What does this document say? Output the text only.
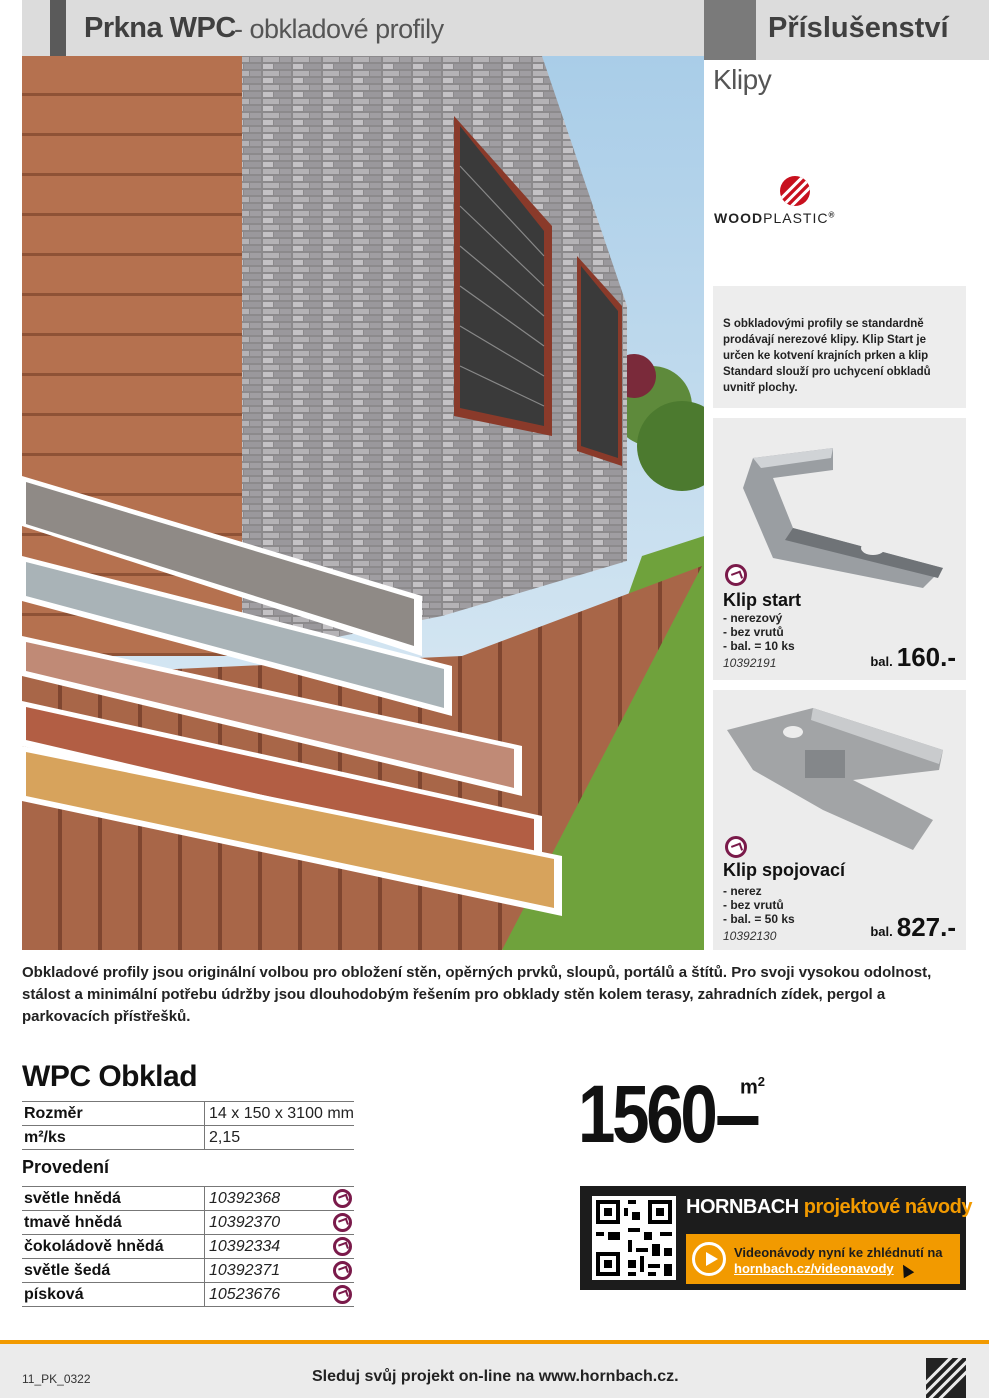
Prkna WPC
- obkladové profily	Příslušenství
Klipy
WOODPLASTIC®
S obkladovými profily se standardně prodávají nerezové klipy. Klip Start je určen ke kotvení krajních prken a klip Standard slouží pro uchycení obkladů uvnitř plochy.
Klip start
- nerezový
- bez vrutů
- bal. = 10 ks
10392191	bal. 160.-
Klip spojovací
- nerez
- bez vrutů
- bal. = 50 ks
10392130	bal. 827.-
Obkladové profily jsou originální volbou pro obložení stěn, opěrných prvků, sloupů, portálů a štítů. Pro svoji vysokou odolnost, stálost a minimální potřebu údržby jsou dlouhodobým řešením pro obklady stěn kolem terasy, zahradních zídek, pergol a parkovacích přístřešků.
WPC Obklad
Rozměr	14 x 150 x 3100 mm
m²/ks	2,15
Provedení
světle hnědá	10392368
tmavě hnědá	10392370
čokoládově hnědá	10392334
světle šedá	10392371
písková	10523676
1560	$m^2$
HORNBACH projektové návody
Videonávody nyní ke zhlédnutí na
hornbach.cz/videonavody
11_PK_0322	Sleduj svůj projekt on-line na www.hornbach.cz.
